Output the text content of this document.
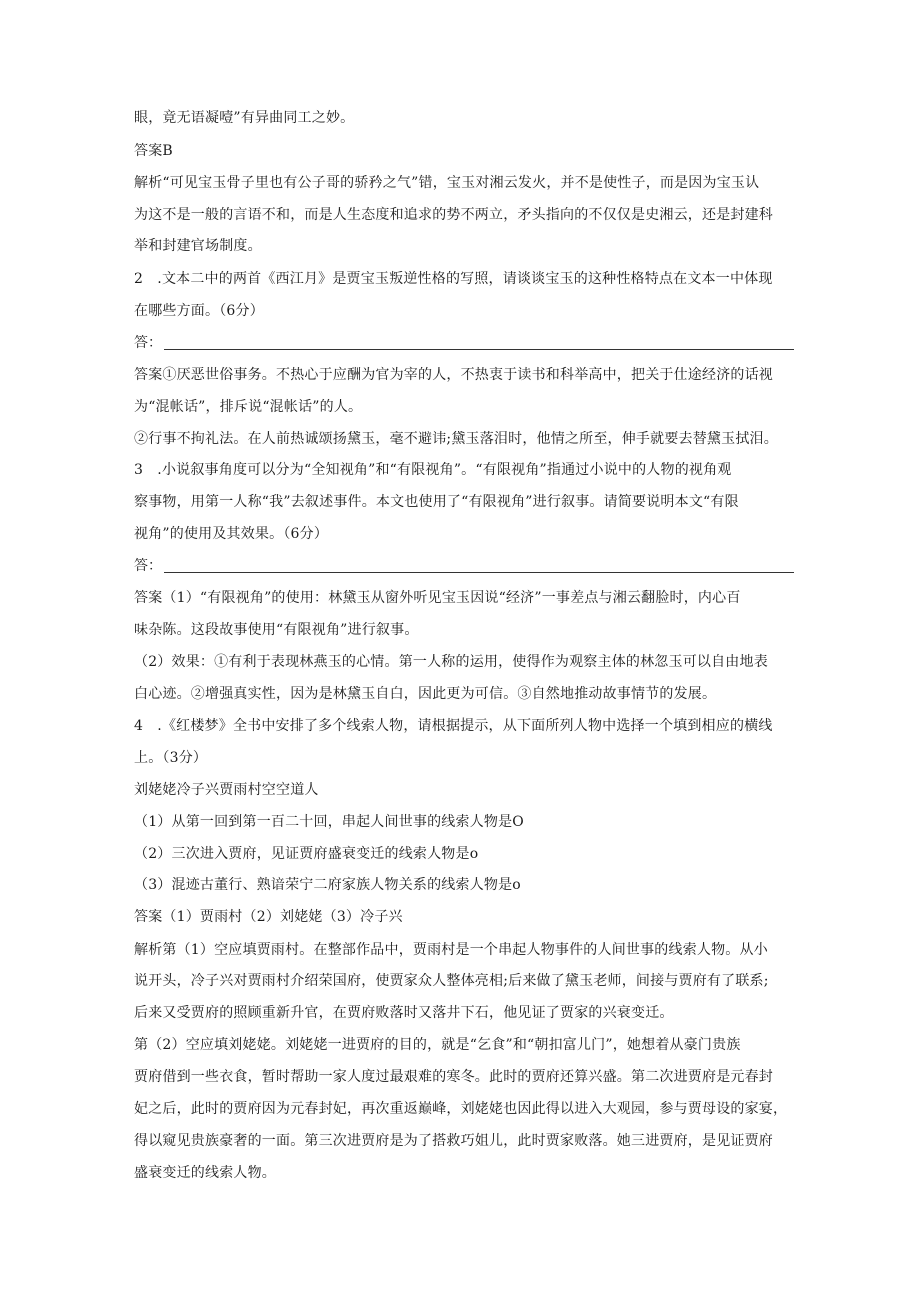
眼，竟无语凝噎”有异曲同工之妙。
答案B
解析“可见宝玉骨子里也有公子哥的骄矜之气”错，宝玉对湘云发火，并不是使性子，而是因为宝玉认
为这不是一般的言语不和，而是人生态度和追求的势不两立，矛头指向的不仅仅是史湘云，还是封建科
举和封建官场制度。
2　.文本二中的两首《西江月》是贾宝玉叛逆性格的写照，请谈谈宝玉的这种性格特点在文本一中体现
在哪些方面。（6分）
答：
答案①厌恶世俗事务。不热心于应酬为官为宰的人，不热衷于读书和科举高中，把关于仕途经济的话视
为“混帐话”，排斥说“混帐话”的人。
②行事不拘礼法。在人前热诚颂扬黛玉，毫不避讳;黛玉落泪时，他情之所至，伸手就要去替黛玉拭泪。
3　.小说叙事角度可以分为“全知视角”和“有限视角”。“有限视角”指通过小说中的人物的视角观
察事物，用第一人称“我”去叙述事件。本文也使用了“有限视角”进行叙事。请简要说明本文“有限
视角”的使用及其效果。（6分）
答：
答案（1）“有限视角”的使用：林黛玉从窗外听见宝玉因说“经济”一事差点与湘云翻脸时，内心百
味杂陈。这段故事使用“有限视角”进行叙事。
（2）效果：①有利于表现林燕玉的心情。第一人称的运用，使得作为观察主体的林忽玉可以自由地表
白心迹。②增强真实性，因为是林黛玉自白，因此更为可信。③自然地推动故事情节的发展。
4　.《红楼梦》全书中安排了多个线索人物，请根据提示，从下面所列人物中选择一个填到相应的横线
上。（3分）
刘姥姥冷子兴贾雨村空空道人
（1）从第一回到第一百二十回，串起人间世事的线索人物是O
（2）三次进入贾府，见证贾府盛衰变迁的线索人物是o
（3）混迹古董行、熟谙荣宁二府家族人物关系的线索人物是o
答案（1）贾雨村（2）刘姥姥（3）冷子兴
解析第（1）空应填贾雨村。在整部作品中，贾雨村是一个串起人物事件的人间世事的线索人物。从小
说开头，冷子兴对贾雨村介绍荣国府，使贾家众人整体亮相;后来做了黛玉老师，间接与贾府有了联系;
后来又受贾府的照顾重新升官，在贾府败落时又落井下石，他见证了贾家的兴衰变迁。
第（2）空应填刘姥姥。刘姥姥一进贾府的目的，就是“乞食”和“朝扣富儿门”，她想着从豪门贵族
贾府借到一些衣食，暂时帮助一家人度过最艰难的寒冬。此时的贾府还算兴盛。第二次进贾府是元春封
妃之后，此时的贾府因为元春封妃，再次重返巅峰，刘姥姥也因此得以进入大观园，参与贾母设的家宴，
得以窥见贵族豪奢的一面。第三次进贾府是为了搭救巧姐儿，此时贾家败落。她三进贾府，是见证贾府
盛衰变迁的线索人物。
